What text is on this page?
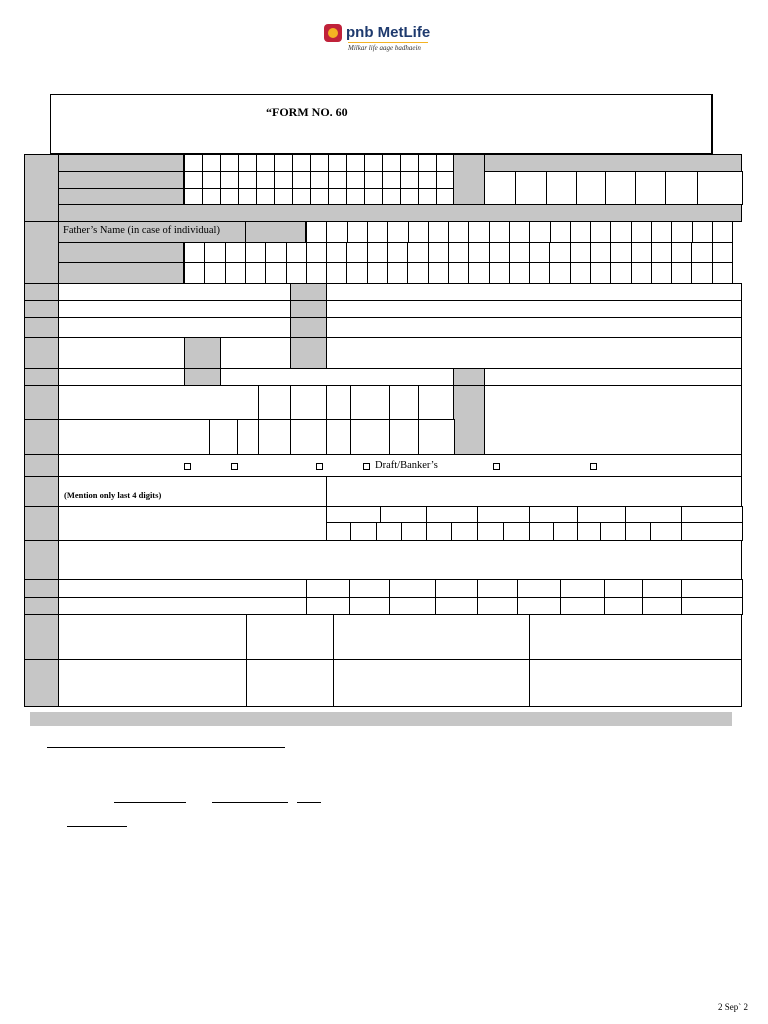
pnb MetLife
Milkar life aage badhaein
“FORM NO. 60
Father’s Name (in case of individual)
Draft/Banker’s
(Mention only last 4 digits)
2 Sep` 2
